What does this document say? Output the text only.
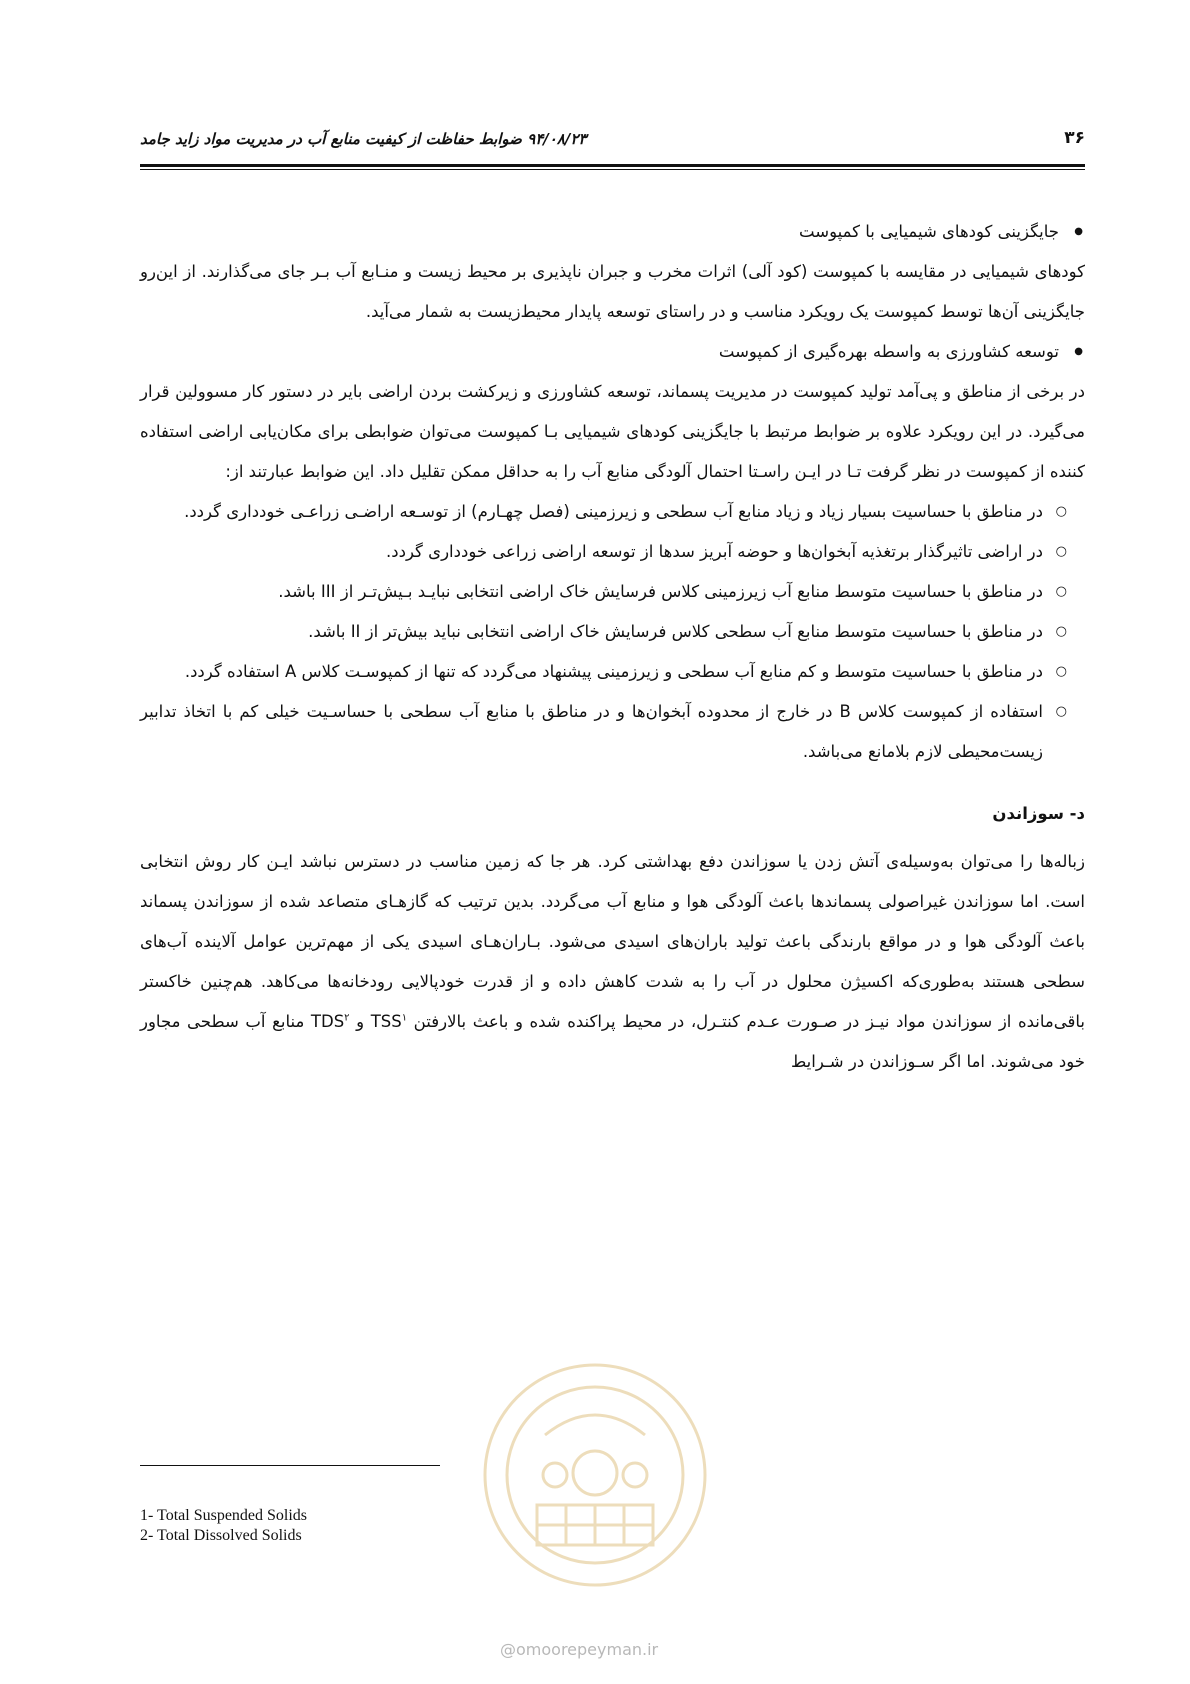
۳۶
۹۴/۰۸/۲۳ ضوابط حفاظت از کیفیت منابع آب در مدیریت مواد زاید جامد

● جایگزینی کودهای شیمیایی با کمپوست

کودهای شیمیایی در مقایسه با کمپوست (کود آلی) اثرات مخرب و جبران ناپذیری بر محیط زیست و منـابع آب بـر جای می‌گذارند. از این‌رو جایگزینی آن‌ها توسط کمپوست یک رویکرد مناسب و در راستای توسعه پایدار محیط‌زیست به شمار می‌آید.

● توسعه کشاورزی به واسطه بهره‌گیری از کمپوست

در برخی از مناطق و پی‌آمد تولید کمپوست در مدیریت پسماند، توسعه کشاورزی و زیرکشت بردن اراضی بایر در دستور کار مسوولین قرار می‌گیرد. در این رویکرد علاوه بر ضوابط مرتبط با جایگزینی کودهای شیمیایی بـا کمپوست می‌توان ضوابطی برای مکان‌یابی اراضی استفاده کننده از کمپوست در نظر گرفت تـا در ایـن راسـتا احتمال آلودگی منابع آب را به حداقل ممکن تقلیل داد. این ضوابط عبارتند از:

○ در مناطق با حساسیت بسیار زیاد و زیاد منابع آب سطحی و زیرزمینی (فصل چهـارم) از توسـعه اراضـی زراعـی خودداری گردد.

○ در اراضی تاثیرگذار برتغذیه آبخوان‌ها و حوضه آبریز سدها از توسعه اراضی زراعی خودداری گردد.

○ در مناطق با حساسیت متوسط منابع آب زیرزمینی کلاس فرسایش خاک اراضی انتخابی نبایـد بـیش‌تـر از III باشد.

○ در مناطق با حساسیت متوسط منابع آب سطحی کلاس فرسایش خاک اراضی انتخابی نباید بیش‌تر از II باشد.

○ در مناطق با حساسیت متوسط و کم منابع آب سطحی و زیرزمینی پیشنهاد می‌گردد که تنها از کمپوسـت کلاس A استفاده گردد.

○ استفاده از کمپوست کلاس B در خارج از محدوده آبخوان‌ها و در مناطق با منابع آب سطحی با حساسـیت خیلی کم با اتخاذ تدابیر زیست‌محیطی لازم بلامانع می‌باشد.

د- سوزاندن

زباله‌ها را می‌توان به‌وسیله‌ی آتش زدن یا سوزاندن دفع بهداشتی کرد. هر جا که زمین مناسب در دسترس نباشد ایـن کار روش انتخابی است. اما سوزاندن غیراصولی پسماندها باعث آلودگی هوا و منابع آب می‌گردد. بدین ترتیب که گازهـای متصاعد شده از سوزاندن پسماند باعث آلودگی هوا و در مواقع بارندگی باعث تولید باران‌های اسیدی می‌شود. بـاران‌هـای اسیدی یکی از مهم‌ترین عوامل آلاینده آب‌های سطحی هستند به‌طوری‌که اکسیژن محلول در آب را به شدت کاهش داده و از قدرت خودپالایی رودخانه‌ها می‌کاهد. هم‌چنین خاکستر باقی‌مانده از سوزاندن مواد نیـز در صـورت عـدم کنتـرل، در محیط پراکنده شده و باعث بالارفتن TSS$^۱$ و TDS$^۲$ منابع آب سطحی مجاور خود می‌شوند. اما اگر سـوزاندن در شـرایط

@omoorepeyman.ir
1- Total Suspended Solids
2- Total Dissolved Solids
